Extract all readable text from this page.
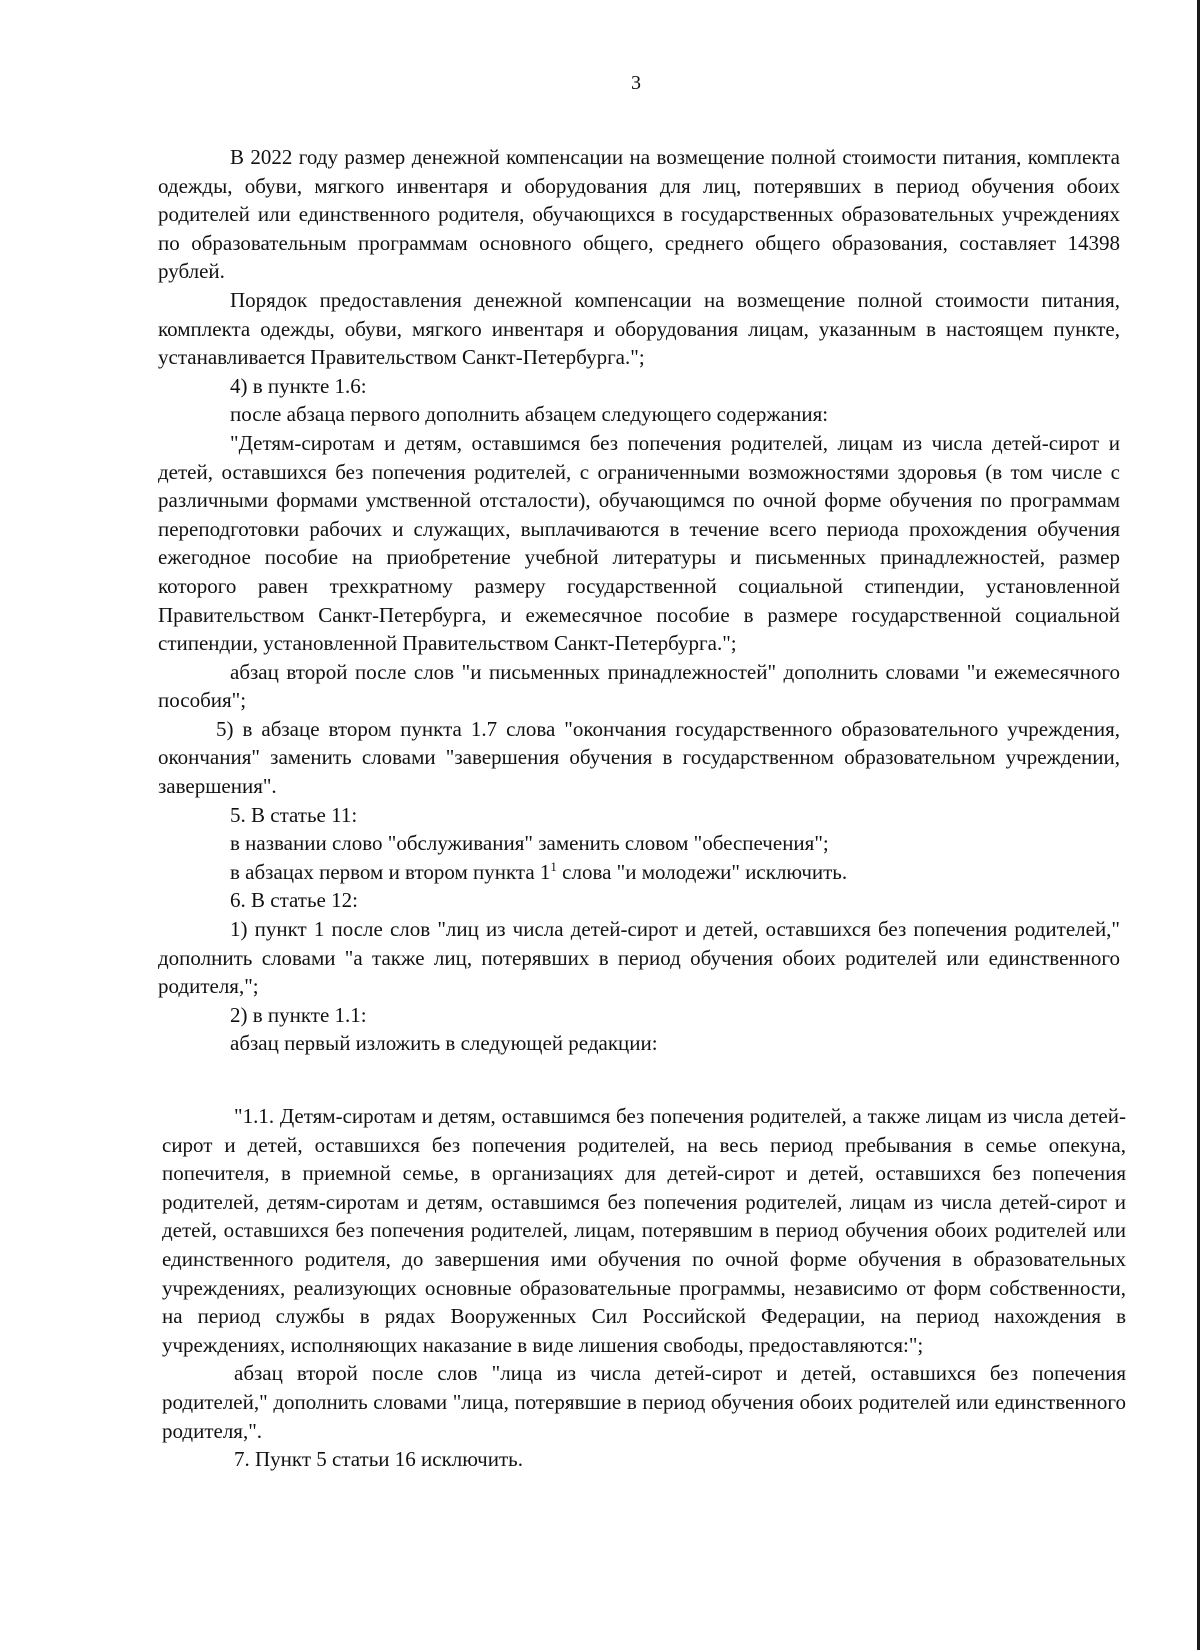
3

В 2022 году размер денежной компенсации на возмещение полной стоимости питания, комплекта одежды, обуви, мягкого инвентаря и оборудования для лиц, потерявших в период обучения обоих родителей или единственного родителя, обучающихся в государственных образовательных учреждениях по образовательным программам основного общего, среднего общего образования, составляет 14398 рублей.

Порядок предоставления денежной компенсации на возмещение полной стоимости питания, комплекта одежды, обуви, мягкого инвентаря и оборудования лицам, указанным в настоящем пункте, устанавливается Правительством Санкт-Петербурга.";

4) в пункте 1.6:

после абзаца первого дополнить абзацем следующего содержания:

"Детям-сиротам и детям, оставшимся без попечения родителей, лицам из числа детей-сирот и детей, оставшихся без попечения родителей, с ограниченными возможностями здоровья (в том числе с различными формами умственной отсталости), обучающимся по очной форме обучения по программам переподготовки рабочих и служащих, выплачиваются в течение всего периода прохождения обучения ежегодное пособие на приобретение учебной литературы и письменных принадлежностей, размер которого равен трехкратному размеру государственной социальной стипендии, установленной Правительством Санкт-Петербурга, и ежемесячное пособие в размере государственной социальной стипендии, установленной Правительством Санкт-Петербурга.";

абзац второй после слов "и письменных принадлежностей" дополнить словами "и ежемесячного пособия";

5) в абзаце втором пункта 1.7 слова "окончания государственного образовательного учреждения, окончания" заменить словами "завершения обучения в государственном образовательном учреждении, завершения".

5. В статье 11:

в названии слово "обслуживания" заменить словом "обеспечения";

в абзацах первом и втором пункта $1^1$ слова "и молодежи" исключить.

6. В статье 12:

1) пункт 1 после слов "лиц из числа детей-сирот и детей, оставшихся без попечения родителей," дополнить словами "а также лиц, потерявших в период обучения обоих родителей или единственного родителя,";

2) в пункте 1.1:

абзац первый изложить в следующей редакции:

"1.1. Детям-сиротам и детям, оставшимся без попечения родителей, а также лицам из числа детей-сирот и детей, оставшихся без попечения родителей, на весь период пребывания в семье опекуна, попечителя, в приемной семье, в организациях для детей-сирот и детей, оставшихся без попечения родителей, детям-сиротам и детям, оставшимся без попечения родителей, лицам из числа детей-сирот и детей, оставшихся без попечения родителей, лицам, потерявшим в период обучения обоих родителей или единственного родителя, до завершения ими обучения по очной форме обучения в образовательных учреждениях, реализующих основные образовательные программы, независимо от форм собственности, на период службы в рядах Вооруженных Сил Российской Федерации, на период нахождения в учреждениях, исполняющих наказание в виде лишения свободы, предоставляются:";

абзац второй после слов "лица из числа детей-сирот и детей, оставшихся без попечения родителей," дополнить словами "лица, потерявшие в период обучения обоих родителей или единственного родителя,".

7. Пункт 5 статьи 16 исключить.
